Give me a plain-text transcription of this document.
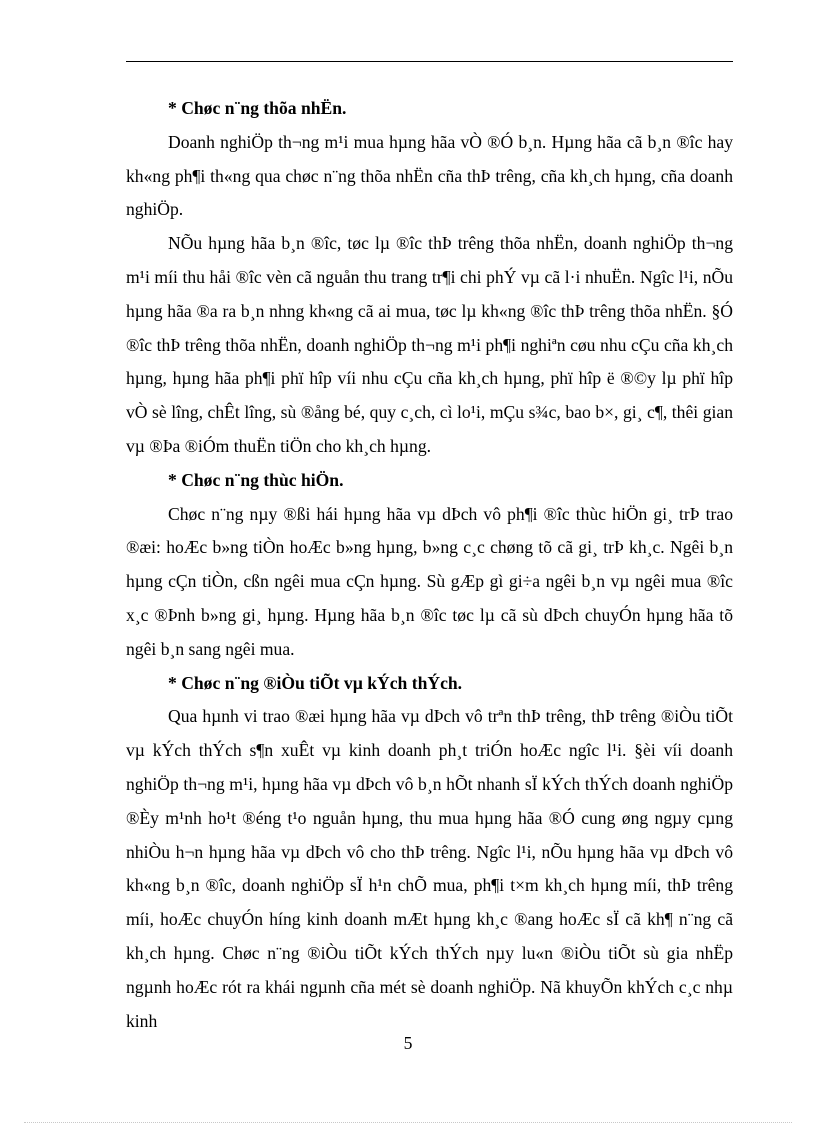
* Chøc n¨ng thõa nhËn.

Doanh nghiÖp th¬ng m¹i mua hµng hãa vÒ ®Ó b¸n. Hµng hãa cã b¸n ®îc hay kh«ng ph¶i th«ng qua chøc n¨ng thõa nhËn cña thÞ trêng, cña kh¸ch hµng, cña doanh nghiÖp.

NÕu hµng hãa b¸n ®îc, tøc lµ ®îc thÞ trêng thõa nhËn, doanh nghiÖp th¬ng m¹i míi thu håi ®îc vèn cã nguån thu trang tr¶i chi phÝ vµ cã l·i nhuËn. Ngîc l¹i, nÕu hµng hãa ®a ra b¸n nhng kh«ng cã ai mua, tøc lµ kh«ng ®îc thÞ trêng thõa nhËn. §Ó ®îc thÞ trêng thõa nhËn, doanh nghiÖp th¬ng m¹i ph¶i nghiªn cøu nhu cÇu cña kh¸ch hµng, hµng hãa ph¶i phï hîp víi nhu cÇu cña kh¸ch hµng, phï hîp ë ®©y lµ phï hîp vÒ sè lîng, chÊt lîng, sù ®ång bé, quy c¸ch, cì lo¹i, mÇu s¾c, bao b×, gi¸ c¶, thêi gian vµ ®Þa ®iÓm thuËn tiÖn cho kh¸ch hµng.

* Chøc n¨ng thùc hiÖn.

Chøc n¨ng nµy ®ßi hái hµng hãa vµ dÞch vô ph¶i ®îc thùc hiÖn gi¸ trÞ trao ®æi: hoÆc b»ng tiÒn hoÆc b»ng hµng, b»ng c¸c chøng tõ cã gi¸ trÞ kh¸c. Ngêi b¸n hµng cÇn tiÒn, cßn ngêi mua cÇn hµng. Sù gÆp gì gi÷a ngêi b¸n vµ ngêi mua ®îc x¸c ®Þnh b»ng gi¸ hµng. Hµng hãa b¸n ®îc tøc lµ cã sù dÞch chuyÓn hµng hãa tõ ngêi b¸n sang ngêi mua.

* Chøc n¨ng ®iÒu tiÕt vµ kÝch thÝch.

Qua hµnh vi trao ®æi hµng hãa vµ dÞch vô trªn thÞ trêng, thÞ trêng ®iÒu tiÕt vµ kÝch thÝch s¶n xuÊt vµ kinh doanh ph¸t triÓn hoÆc ngîc l¹i. §èi víi doanh nghiÖp th¬ng m¹i, hµng hãa vµ dÞch vô b¸n hÕt nhanh sÏ kÝch thÝch doanh nghiÖp ®Èy m¹nh ho¹t ®éng t¹o nguån hµng, thu mua hµng hãa ®Ó cung øng ngµy cµng nhiÒu h¬n hµng hãa vµ dÞch vô cho thÞ trêng. Ngîc l¹i, nÕu hµng hãa vµ dÞch vô kh«ng b¸n ®îc, doanh nghiÖp sÏ h¹n chÕ mua, ph¶i t×m kh¸ch hµng míi, thÞ trêng míi, hoÆc chuyÓn híng kinh doanh mÆt hµng kh¸c ®ang hoÆc sÏ cã kh¶ n¨ng cã kh¸ch hµng. Chøc n¨ng ®iÒu tiÕt kÝch thÝch nµy lu«n ®iÒu tiÕt sù gia nhËp ngµnh hoÆc rót ra khái ngµnh cña mét sè doanh nghiÖp. Nã khuyÕn khÝch c¸c nhµ kinh

5
